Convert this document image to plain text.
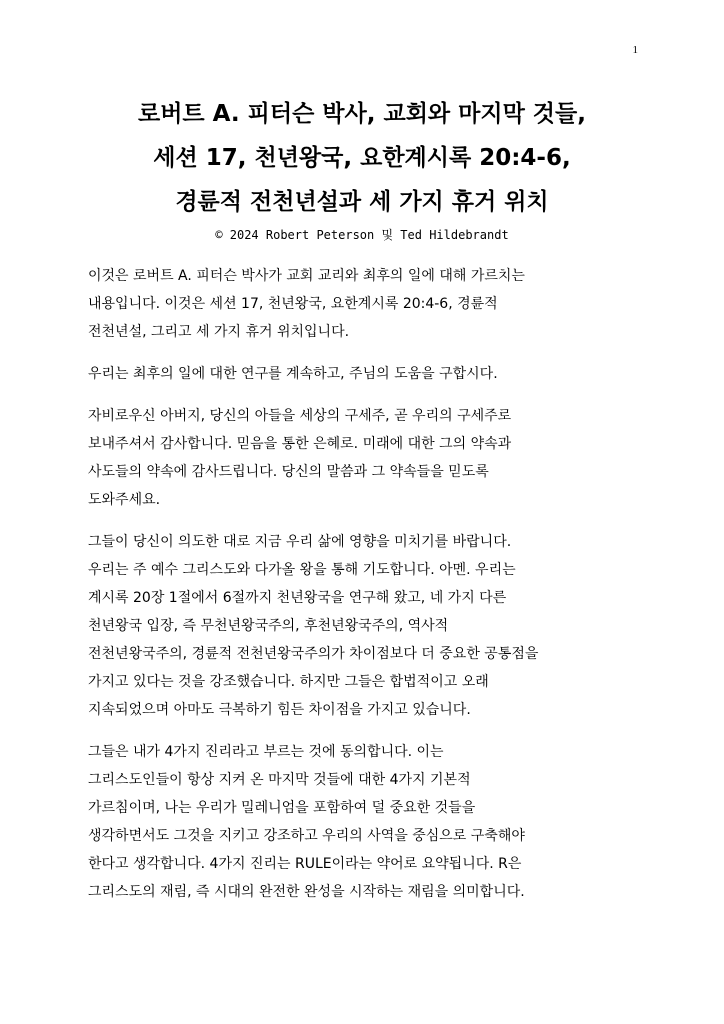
1
로버트 A. 피터슨 박사, 교회와 마지막 것들,
세션 17, 천년왕국, 요한계시록 20:4-6,
경륜적 전천년설과 세 가지 휴거 위치
© 2024 Robert Peterson 및 Ted Hildebrandt

이것은 로버트 A. 피터슨 박사가 교회 교리와 최후의 일에 대해 가르치는
내용입니다. 이것은 세션 17, 천년왕국, 요한계시록 20:4-6, 경륜적
전천년설, 그리고 세 가지 휴거 위치입니다.

우리는 최후의 일에 대한 연구를 계속하고, 주님의 도움을 구합시다.

자비로우신 아버지, 당신의 아들을 세상의 구세주, 곧 우리의 구세주로
보내주셔서 감사합니다. 믿음을 통한 은혜로. 미래에 대한 그의 약속과
사도들의 약속에 감사드립니다. 당신의 말씀과 그 약속들을 믿도록
도와주세요.

그들이 당신이 의도한 대로 지금 우리 삶에 영향을 미치기를 바랍니다.
우리는 주 예수 그리스도와 다가올 왕을 통해 기도합니다. 아멘. 우리는
계시록 20장 1절에서 6절까지 천년왕국을 연구해 왔고, 네 가지 다른
천년왕국 입장, 즉 무천년왕국주의, 후천년왕국주의, 역사적
전천년왕국주의, 경륜적 전천년왕국주의가 차이점보다 더 중요한 공통점을
가지고 있다는 것을 강조했습니다. 하지만 그들은 합법적이고 오래
지속되었으며 아마도 극복하기 힘든 차이점을 가지고 있습니다.

그들은 내가 4가지 진리라고 부르는 것에 동의합니다. 이는
그리스도인들이 항상 지켜 온 마지막 것들에 대한 4가지 기본적
가르침이며, 나는 우리가 밀레니엄을 포함하여 덜 중요한 것들을
생각하면서도 그것을 지키고 강조하고 우리의 사역을 중심으로 구축해야
한다고 생각합니다. 4가지 진리는 RULE이라는 약어로 요약됩니다. R은
그리스도의 재림, 즉 시대의 완전한 완성을 시작하는 재림을 의미합니다.
